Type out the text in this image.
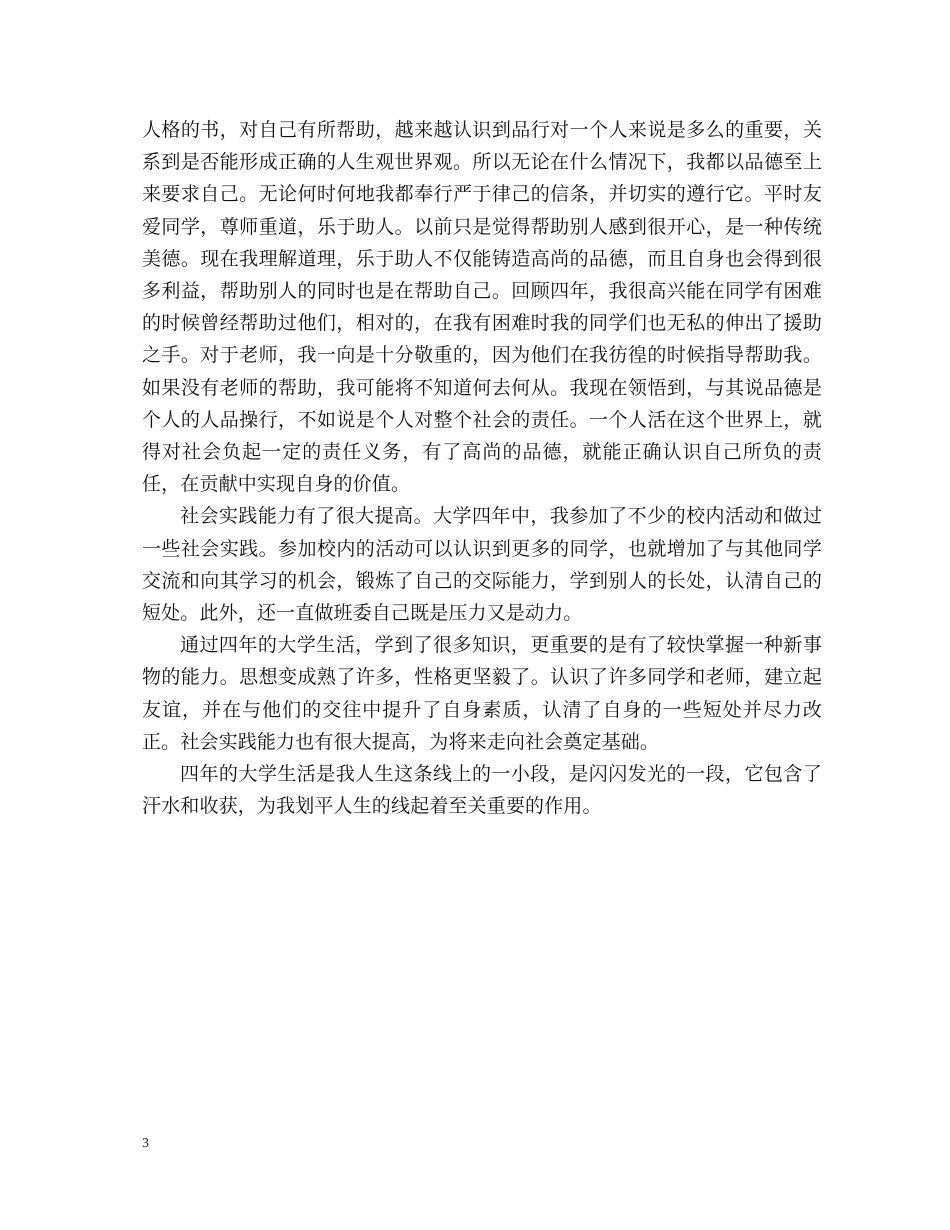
人格的书，对自己有所帮助，越来越认识到品行对一个人来说是多么的重要，关系到是否能形成正确的人生观世界观。所以无论在什么情况下，我都以品德至上来要求自己。无论何时何地我都奉行严于律己的信条，并切实的遵行它。平时友爱同学，尊师重道，乐于助人。以前只是觉得帮助别人感到很开心，是一种传统美德。现在我理解道理，乐于助人不仅能铸造高尚的品德，而且自身也会得到很多利益，帮助别人的同时也是在帮助自己。回顾四年，我很高兴能在同学有困难的时候曾经帮助过他们，相对的，在我有困难时我的同学们也无私的伸出了援助之手。对于老师，我一向是十分敬重的，因为他们在我彷徨的时候指导帮助我。如果没有老师的帮助，我可能将不知道何去何从。我现在领悟到，与其说品德是个人的人品操行，不如说是个人对整个社会的责任。一个人活在这个世界上，就得对社会负起一定的责任义务，有了高尚的品德，就能正确认识自己所负的责任，在贡献中实现自身的价值。

社会实践能力有了很大提高。大学四年中，我参加了不少的校内活动和做过一些社会实践。参加校内的活动可以认识到更多的同学，也就增加了与其他同学交流和向其学习的机会，锻炼了自己的交际能力，学到别人的长处，认清自己的短处。此外，还一直做班委自己既是压力又是动力。

通过四年的大学生活，学到了很多知识，更重要的是有了较快掌握一种新事物的能力。思想变成熟了许多，性格更坚毅了。认识了许多同学和老师，建立起友谊，并在与他们的交往中提升了自身素质，认清了自身的一些短处并尽力改正。社会实践能力也有很大提高，为将来走向社会奠定基础。

四年的大学生活是我人生这条线上的一小段，是闪闪发光的一段，它包含了汗水和收获，为我划平人生的线起着至关重要的作用。

3
